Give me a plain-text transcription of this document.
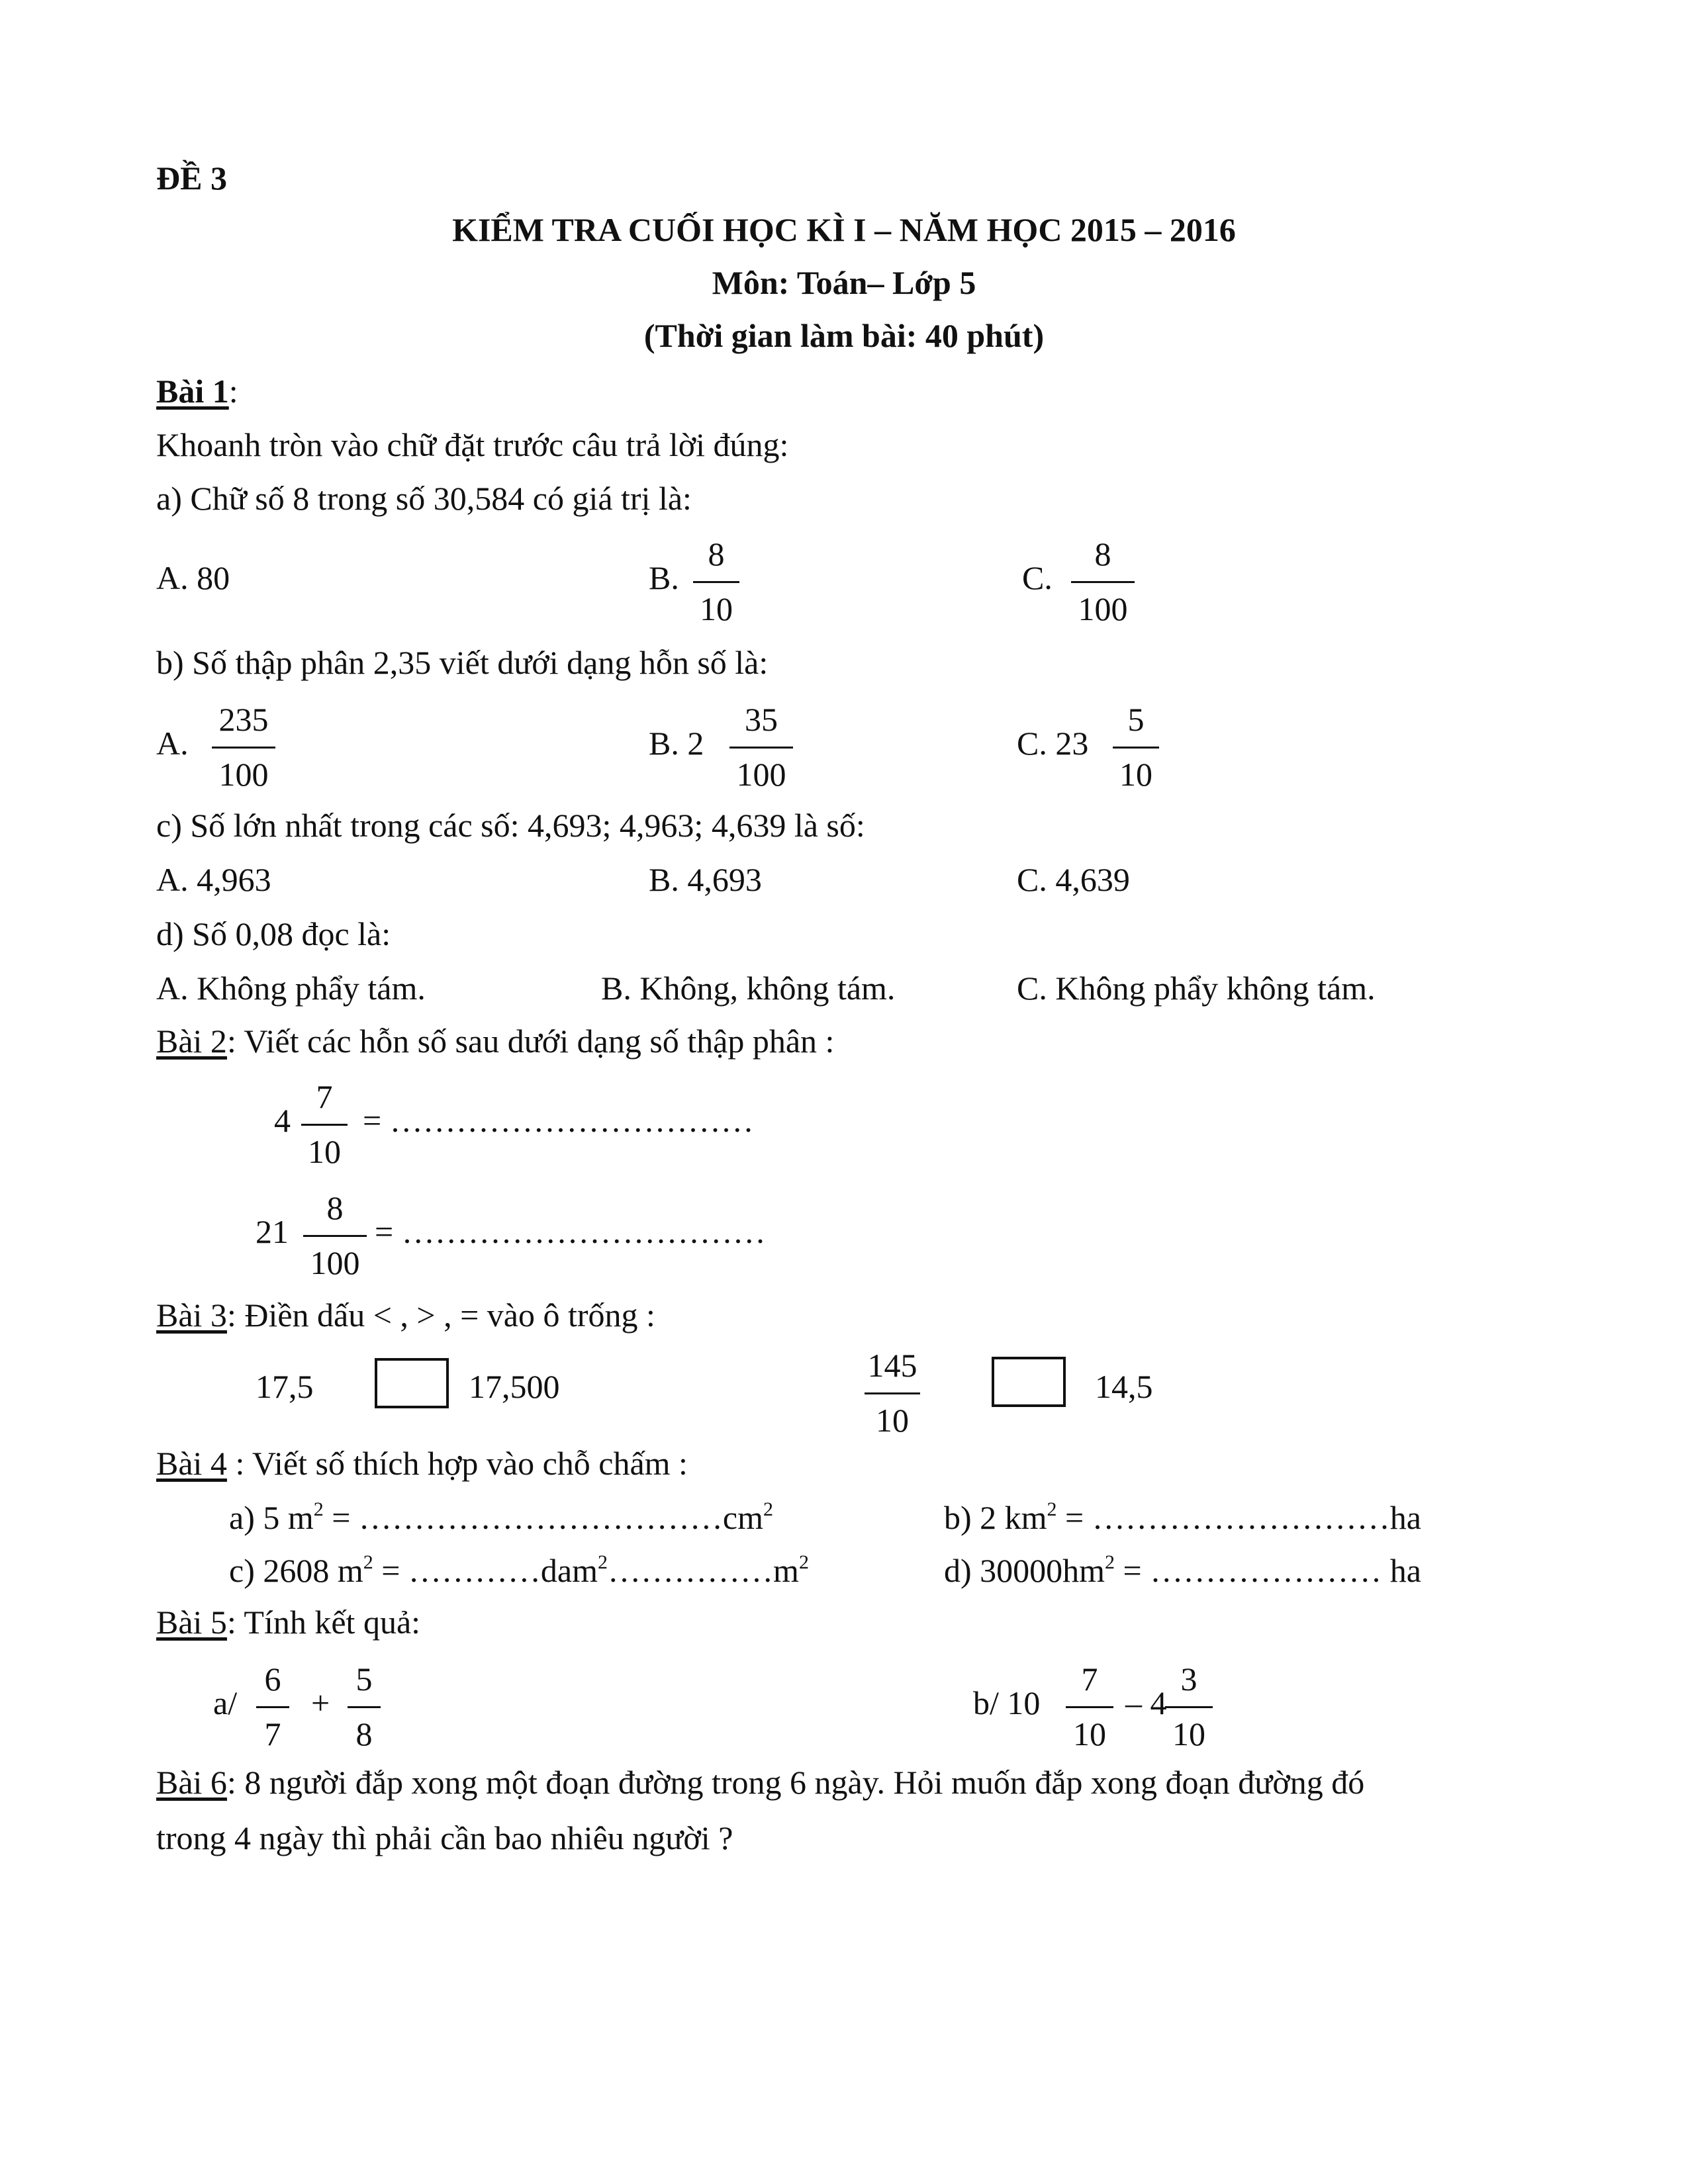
ĐỀ 3
KIỂM TRA CUỐI HỌC KÌ I – NĂM HỌC 2015 – 2016
Môn: Toán– Lớp 5
(Thời gian làm bài: 40 phút)
Bài 1:
Khoanh tròn vào chữ đặt trước câu trả lời đúng:
a) Chữ số 8 trong số 30,584 có giá trị là:
A. 80	B.
8
10
C.
8
100
b) Số thập phân 2,35 viết dưới dạng hỗn số là:
A.
235
100
B. 2
35
100
C. 23
5
10
c) Số lớn nhất trong các số: 4,693; 4,963; 4,639 là số:
A. 4,963	B. 4,693	C. 4,639
d) Số 0,08 đọc là:
A. Không phẩy tám.	B. Không, không tám.	C. Không phẩy không tám.
Bài 2: Viết các hỗn số sau dưới dạng số thập phân :
4
7
10
= ……………………………
21
8
100
= ……………………………
Bài 3: Điền dấu < , > , = vào ô trống :
17,5	17,500
145
10
14,5
Bài 4 : Viết số thích hợp vào chỗ chấm :
a) 5 $m^2$ = $\dots\dots\dots\dots\dots\dots\dots\dots\dots\dots\dots cm^2$	b) 2 $km^2$ = ………………………ha
c) 2608 $m^2$ = $\dots\dots\dots\dots dam^2\dots\dots\dots\dots\dots m^2$	d) $30000hm^2$ = ………………… ha
Bài 5: Tính kết quả:
a/
6
7
+
5
8
b/ 10
7
10
– 4
3
10
Bài 6: 8 người đắp xong một đoạn đường trong 6 ngày. Hỏi muốn đắp xong đoạn đường đó
trong 4 ngày thì phải cần bao nhiêu người ?
